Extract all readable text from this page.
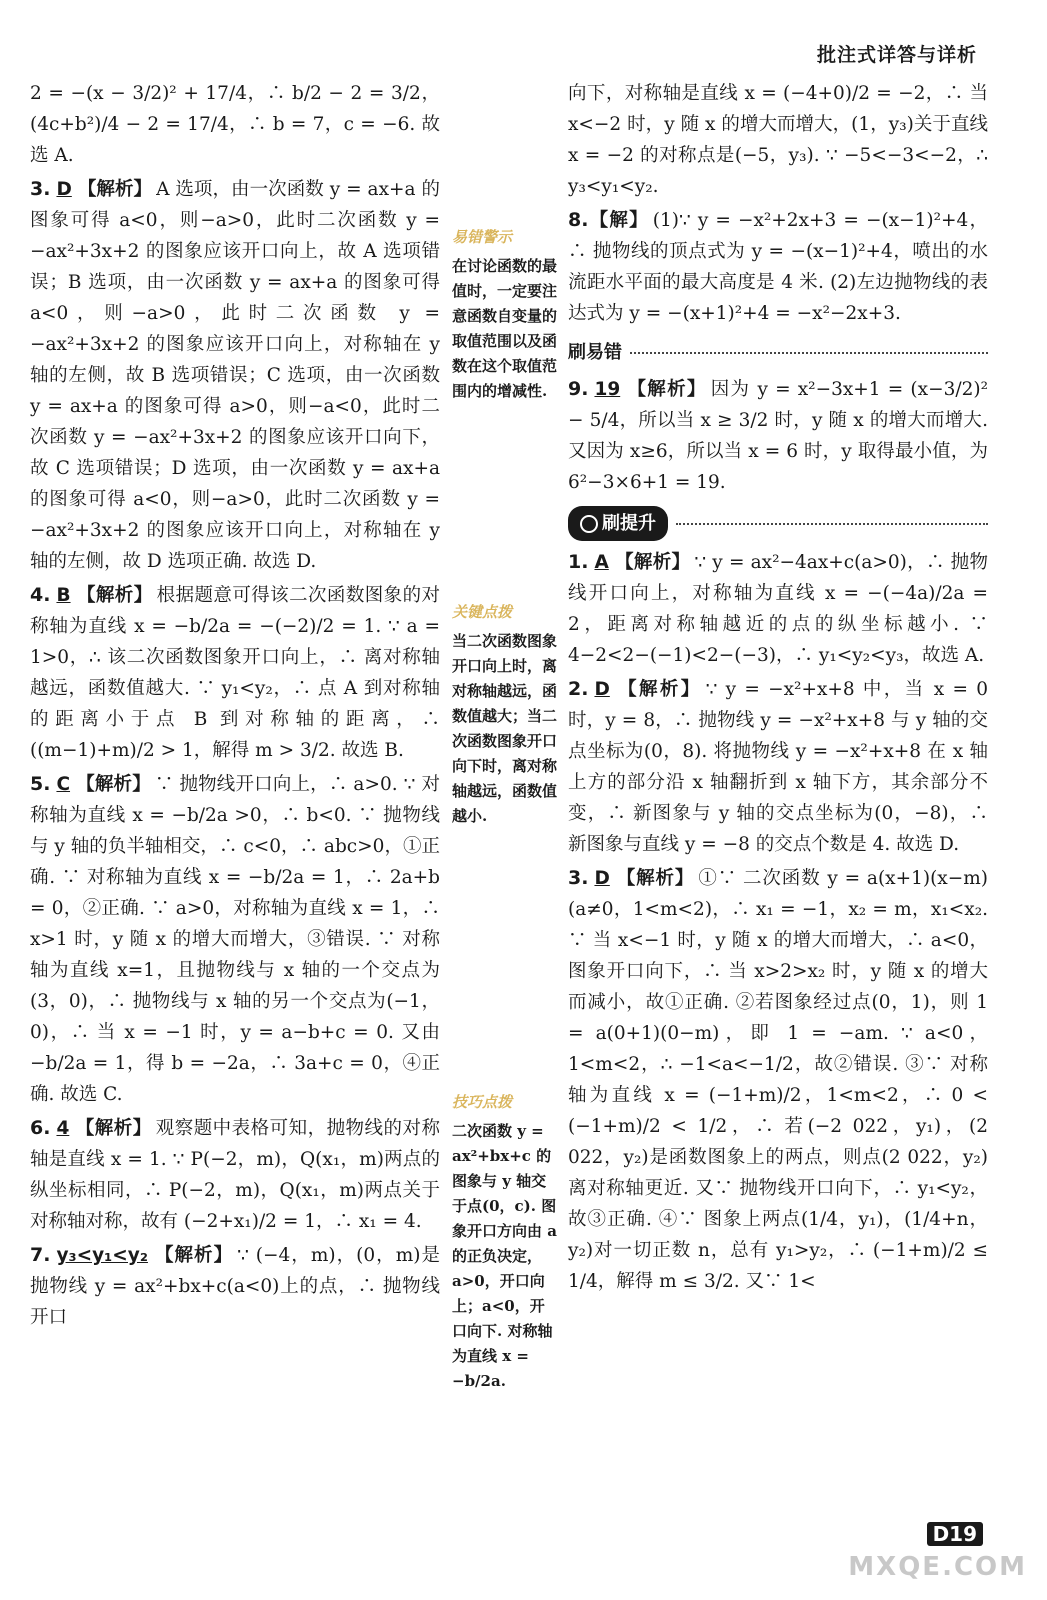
批注式详答与详析

2 = −(x − 3/2)² + 17/4，∴ b/2 − 2 = 3/2，(4c+b²)/4 − 2 = 17/4，∴ b = 7，c = −6. 故选 A.

3. D 【解析】 A 选项，由一次函数 y = ax+a 的图象可得 a<0，则−a>0，此时二次函数 y = −ax²+3x+2 的图象应该开口向上，故 A 选项错误；B 选项，由一次函数 y = ax+a 的图象可得 a<0，则−a>0，此时二次函数 y = −ax²+3x+2 的图象应该开口向上，对称轴在 y 轴的左侧，故 B 选项错误；C 选项，由一次函数 y = ax+a 的图象可得 a>0，则−a<0，此时二次函数 y = −ax²+3x+2 的图象应该开口向下，故 C 选项错误；D 选项，由一次函数 y = ax+a 的图象可得 a<0，则−a>0，此时二次函数 y = −ax²+3x+2 的图象应该开口向上，对称轴在 y 轴的左侧，故 D 选项正确. 故选 D.

4. B 【解析】 根据题意可得该二次函数图象的对称轴为直线 x = −b/2a = −(−2)/2 = 1. ∵ a = 1>0，∴ 该二次函数图象开口向上，∴ 离对称轴越远，函数值越大. ∵ y₁<y₂，∴ 点 A 到对称轴的距离小于点 B 到对称轴的距离，∴ ((m−1)+m)/2 > 1，解得 m > 3/2. 故选 B.

5. C 【解析】 ∵ 抛物线开口向上，∴ a>0. ∵ 对称轴为直线 x = −b/2a >0，∴ b<0. ∵ 抛物线与 y 轴的负半轴相交，∴ c<0，∴ abc>0，①正确. ∵ 对称轴为直线 x = −b/2a = 1，∴ 2a+b = 0，②正确. ∵ a>0，对称轴为直线 x = 1，∴ x>1 时，y 随 x 的增大而增大，③错误. ∵ 对称轴为直线 x=1，且抛物线与 x 轴的一个交点为(3，0)，∴ 抛物线与 x 轴的另一个交点为(−1，0)，∴ 当 x = −1 时，y = a−b+c = 0. 又由 −b/2a = 1，得 b = −2a，∴ 3a+c = 0，④正确. 故选 C.

6. 4 【解析】 观察题中表格可知，抛物线的对称轴是直线 x = 1. ∵ P(−2，m)，Q(x₁，m)两点的纵坐标相同，∴ P(−2，m)，Q(x₁，m)两点关于对称轴对称，故有 (−2+x₁)/2 = 1，∴ x₁ = 4.

7. y₃<y₁<y₂ 【解析】 ∵ (−4，m)，(0，m)是抛物线 y = ax²+bx+c(a<0)上的点，∴ 抛物线开口

易错警示
在讨论函数的最值时，一定要注意函数自变量的取值范围以及函数在这个取值范围内的增减性.
关键点拨
当二次函数图象开口向上时，离对称轴越远，函数值越大；当二次函数图象开口向下时，离对称轴越远，函数值越小.
技巧点拨
二次函数 y = ax²+bx+c 的图象与 y 轴交于点(0，c). 图象开口方向由 a 的正负决定，a>0，开口向上；a<0，开口向下. 对称轴为直线 x = −b/2a.

向下，对称轴是直线 x = (−4+0)/2 = −2，∴ 当 x<−2 时，y 随 x 的增大而增大，(1，y₃)关于直线 x = −2 的对称点是(−5，y₃). ∵ −5<−3<−2，∴ y₃<y₁<y₂.

8.【解】 (1)∵ y = −x²+2x+3 = −(x−1)²+4，∴ 抛物线的顶点式为 y = −(x−1)²+4，喷出的水流距水平面的最大高度是 4 米. (2)左边抛物线的表达式为 y = −(x+1)²+4 = −x²−2x+3.

刷易错

9. 19 【解析】 因为 y = x²−3x+1 = (x−3/2)² − 5/4，所以当 x ≥ 3/2 时，y 随 x 的增大而增大. 又因为 x≥6，所以当 x = 6 时，y 取得最小值，为 6²−3×6+1 = 19.

刷提升

1. A 【解析】 ∵ y = ax²−4ax+c(a>0)，∴ 抛物线开口向上，对称轴为直线 x = −(−4a)/2a = 2，距离对称轴越近的点的纵坐标越小. ∵ 4−2<2−(−1)<2−(−3)，∴ y₁<y₂<y₃，故选 A.

2. D 【解析】 ∵ y = −x²+x+8 中，当 x = 0 时，y = 8，∴ 抛物线 y = −x²+x+8 与 y 轴的交点坐标为(0，8). 将抛物线 y = −x²+x+8 在 x 轴上方的部分沿 x 轴翻折到 x 轴下方，其余部分不变，∴ 新图象与 y 轴的交点坐标为(0，−8)，∴ 新图象与直线 y = −8 的交点个数是 4. 故选 D.

3. D 【解析】 ①∵ 二次函数 y = a(x+1)(x−m)(a≠0，1<m<2)，∴ x₁ = −1，x₂ = m，x₁<x₂. ∵ 当 x<−1 时，y 随 x 的增大而增大，∴ a<0，图象开口向下，∴ 当 x>2>x₂ 时，y 随 x 的增大而减小，故①正确. ②若图象经过点(0，1)，则 1 = a(0+1)(0−m)，即 1 = −am. ∵ a<0，1<m<2，∴ −1<a<−1/2，故②错误. ③∵ 对称轴为直线 x = (−1+m)/2，1<m<2，∴ 0 < (−1+m)/2 < 1/2，∴ 若(−2 022，y₁)，(2 022，y₂)是函数图象上的两点，则点(2 022，y₂)离对称轴更近. 又∵ 抛物线开口向下，∴ y₁<y₂，故③正确. ④∵ 图象上两点(1/4，y₁)，(1/4+n，y₂)对一切正数 n，总有 y₁>y₂，∴ (−1+m)/2 ≤ 1/4，解得 m ≤ 3/2. 又∵ 1<

D19
MXQE.COM
